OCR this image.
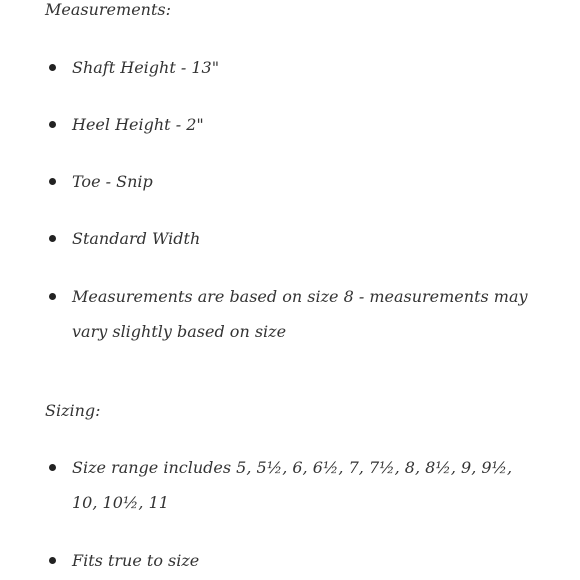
Measurements:

Shaft Height - 13"
Heel Height - 2"
Toe - Snip
Standard Width
Measurements are based on size 8 - measurements may vary slightly based on size

Sizing:

Size range includes 5, 5½, 6, 6½, 7, 7½, 8, 8½, 9, 9½, 10, 10½, 11
Fits true to size
